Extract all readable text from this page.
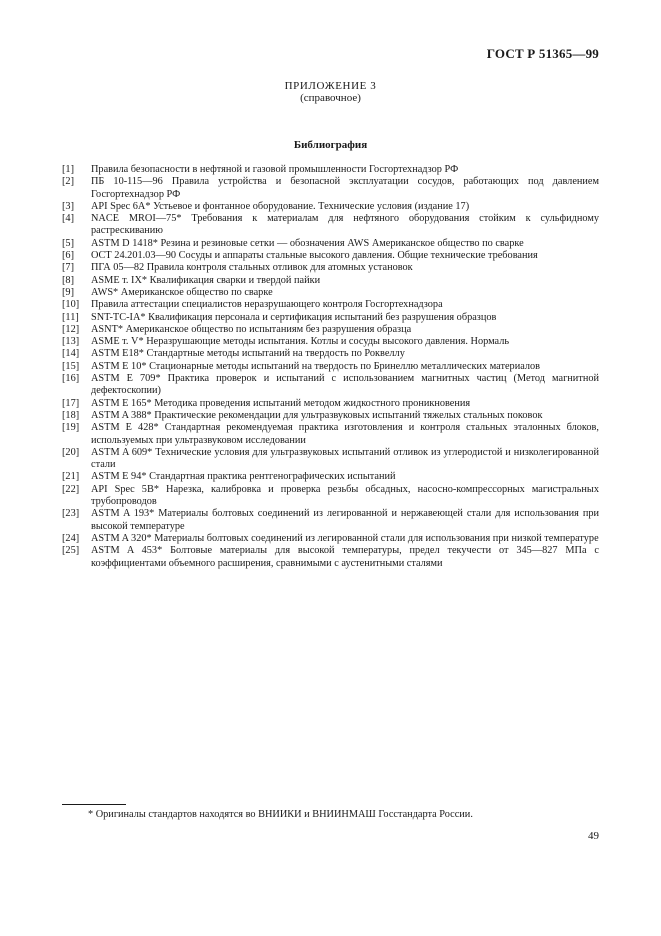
ГОСТ Р 51365—99
ПРИЛОЖЕНИЕ 3
(справочное)
Библиография
[1]	Правила безопасности в нефтяной и газовой промышленности Госгортехнадзор РФ
[2]	ПБ 10-115—96 Правила устройства и безопасной эксплуатации сосудов, работающих под давлением Госгортехнадзор РФ
[3]	API Spec 6А* Устьевое и фонтанное оборудование. Технические условия (издание 17)
[4]	NACE MROI—75* Требования к материалам для нефтяного оборудования стойким к сульфидному растрескиванию
[5]	ASTM D 1418* Резина и резиновые сетки — обозначения AWS Американское общество по сварке
[6]	ОСТ 24.201.03—90 Сосуды и аппараты стальные высокого давления. Общие технические требования
[7]	ПГА 05—82 Правила контроля стальных отливок для атомных установок
[8]	ASME т. IX* Квалификация сварки и твердой пайки
[9]	AWS* Американское общество по сварке
[10]	Правила аттестации специалистов неразрушающего контроля Госгортехнадзора
[11]	SNT-TC-IA* Квалификация персонала и сертификация испытаний без разрушения образцов
[12]	ASNT* Американское общество по испытаниям без разрушения образца
[13]	ASME т. V* Неразрушающие методы испытания. Котлы и сосуды высокого давления. Нормаль
[14]	ASTM E18* Стандартные методы испытаний на твердость по Роквеллу
[15]	ASTM E 10* Стационарные методы испытаний на твердость по Бринеллю металлических материалов
[16]	ASTM E 709* Практика проверок и испытаний с использованием магнитных частиц (Метод магнитной дефектоскопии)
[17]	ASTM E 165* Методика проведения испытаний методом жидкостного проникновения
[18]	ASTM A 388* Практические рекомендации для ультразвуковых испытаний тяжелых стальных поковок
[19]	ASTM E 428* Стандартная рекомендуемая практика изготовления и контроля стальных эталонных блоков, используемых при ультразвуковом исследовании
[20]	ASTM A 609* Технические условия для ультразвуковых испытаний отливок из углеродистой и низколегированной стали
[21]	ASTM E 94* Стандартная практика рентгенографических испытаний
[22]	API Spec 5B* Нарезка, калибровка и проверка резьбы обсадных, насосно-компрессорных магистральных трубопроводов
[23]	ASTM A 193* Материалы болтовых соединений из легированной и нержавеющей стали для использования при высокой температуре
[24]	ASTM A 320* Материалы болтовых соединений из легированной стали для использования при низкой температуре
[25]	ASTM A 453* Болтовые материалы для высокой температуры, предел текучести от 345—827 МПа с коэффициентами объемного расширения, сравнимыми с аустенитными сталями
* Оригиналы стандартов находятся во ВНИИКИ и ВНИИНМАШ Госстандарта России.
49
